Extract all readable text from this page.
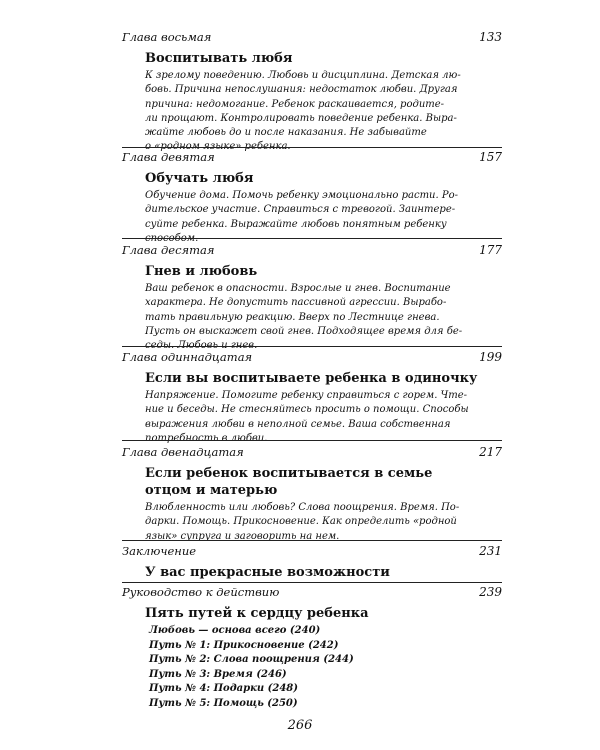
Глава восьмая	133
Воспитывать любя
К зрелому поведению. Любовь и дисциплина. Детская лю-
бовь. Причина непослушания: недостаток любви. Другая
причина: недомогание. Ребенок раскаивается, родите-
ли прощают. Контролировать поведение ребенка. Выра-
жайте любовь до и после наказания. Не забывайте
о «родном языке» ребенка.
Глава девятая	157
Обучать любя
Обучение дома. Помочь ребенку эмоционально расти. Ро-
дительское участие. Справиться с тревогой. Заинтере-
суйте ребенка. Выражайте любовь понятным ребенку
способом.
Глава десятая	177
Гнев и любовь
Ваш ребенок в опасности. Взрослые и гнев. Воспитание
характера. Не допустить пассивной агрессии. Вырабо-
тать правильную реакцию. Вверх по Лестнице гнева.
Пусть он выскажет свой гнев. Подходящее время для бе-
седы. Любовь и гнев.
Глава одиннадцатая	199
Если вы воспитываете ребенка в одиночку
Напряжение. Помогите ребенку справиться с горем. Чте-
ние и беседы. Не стесняйтесь просить о помощи. Способы
выражения любви в неполной семье. Ваша собственная
потребность в любви.
Глава двенадцатая	217
Если ребенок воспитывается в семье
отцом и матерью
Влюбленность или любовь? Слова поощрения. Время. По-
дарки. Помощь. Прикосновение. Как определить «родной
язык» супруга и заговорить на нем.
Заключение	231
У вас прекрасные возможности
Руководство к действию	239
Пять путей к сердцу ребенка
Любовь — основа всего (240)
Путь № 1: Прикосновение (242)
Путь № 2: Слова поощрения (244)
Путь № 3: Время (246)
Путь № 4: Подарки (248)
Путь № 5: Помощь (250)
266
